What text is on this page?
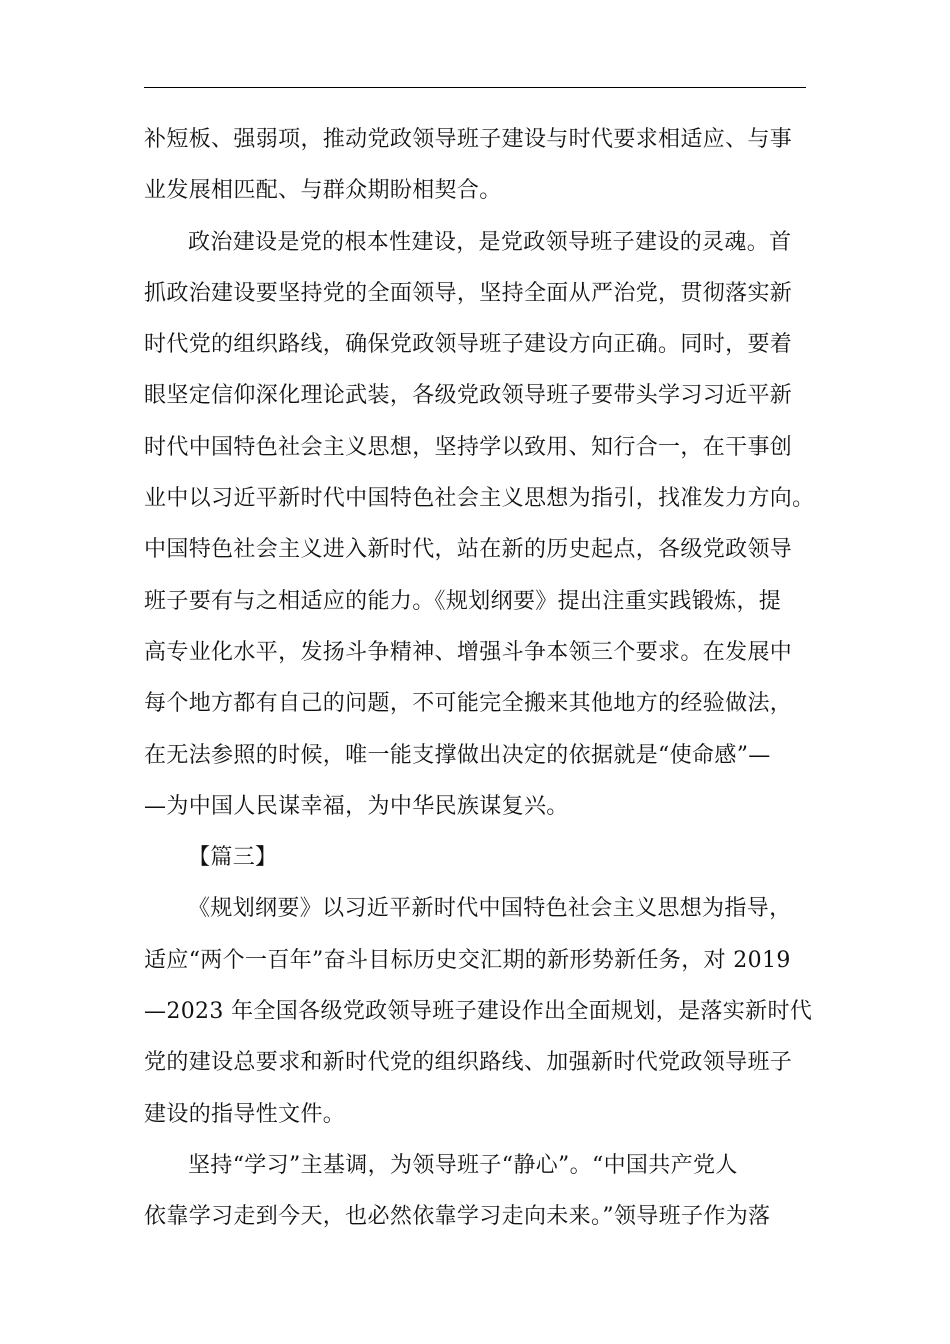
补短板、强弱项，推动党政领导班子建设与时代要求相适应、与事
业发展相匹配、与群众期盼相契合。
政治建设是党的根本性建设，是党政领导班子建设的灵魂。首
抓政治建设要坚持党的全面领导，坚持全面从严治党，贯彻落实新
时代党的组织路线，确保党政领导班子建设方向正确。同时，要着
眼坚定信仰深化理论武装，各级党政领导班子要带头学习习近平新
时代中国特色社会主义思想，坚持学以致用、知行合一，在干事创
业中以习近平新时代中国特色社会主义思想为指引，找准发力方向。
中国特色社会主义进入新时代，站在新的历史起点，各级党政领导
班子要有与之相适应的能力。《规划纲要》提出注重实践锻炼，提
高专业化水平，发扬斗争精神、增强斗争本领三个要求。在发展中
每个地方都有自己的问题，不可能完全搬来其他地方的经验做法，
在无法参照的时候，唯一能支撑做出决定的依据就是“使命感”—
—为中国人民谋幸福，为中华民族谋复兴。
【篇三】
《规划纲要》以习近平新时代中国特色社会主义思想为指导，
适应“两个一百年”奋斗目标历史交汇期的新形势新任务，对 2019
—2023 年全国各级党政领导班子建设作出全面规划，是落实新时代
党的建设总要求和新时代党的组织路线、加强新时代党政领导班子
建设的指导性文件。
坚持“学习”主基调，为领导班子“静心”。“中国共产党人
依靠学习走到今天，也必然依靠学习走向未来。”领导班子作为落
